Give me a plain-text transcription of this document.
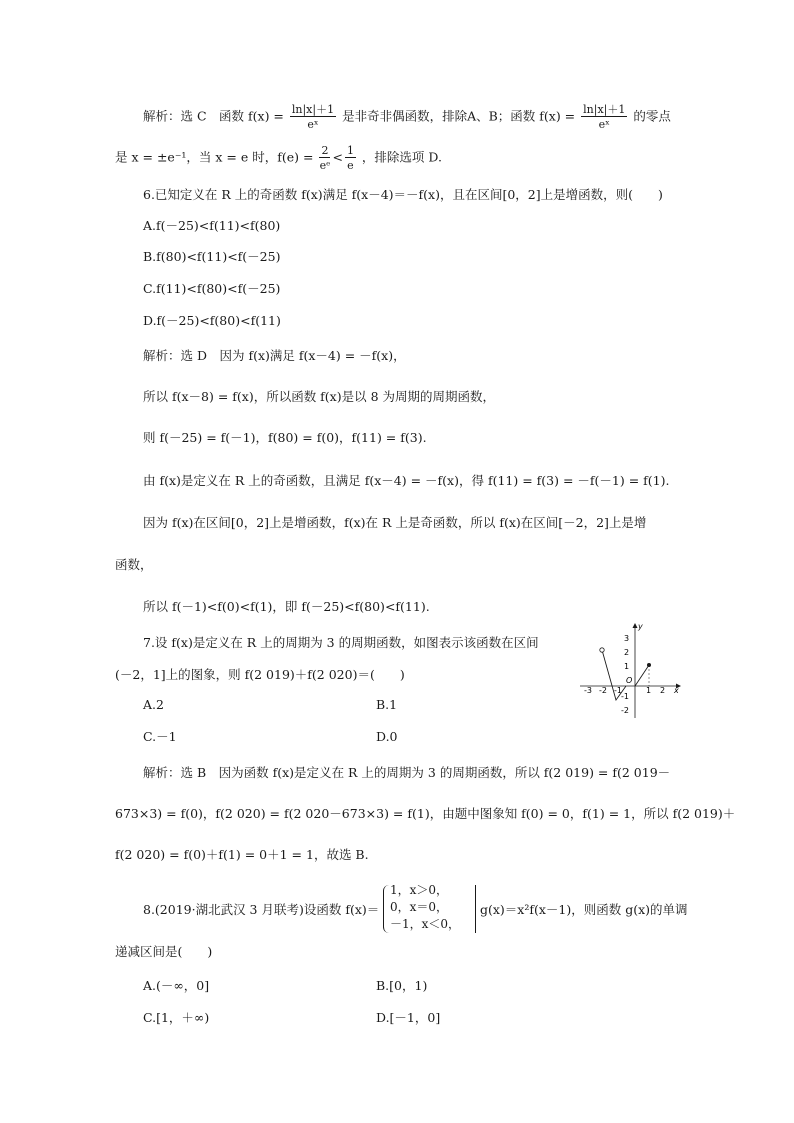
解析：选 C　函数 $f(x) = \frac{\ln|x|+1}{\text{eˣ}}$ 是非奇非偶函数，排除A、B；函数 $f(x) = \frac{\ln|x|+1}{\text{eˣ}}$ 的零点
是 x = ±e⁻¹，当 x = e 时，$f(e) = \frac{2}{\text{eᵉ}} < \frac{1}{e}$ ，排除选项 D.
6.已知定义在 R 上的奇函数 f(x)满足 f(x－4)＝－f(x)，且在区间[0，2]上是增函数，则(　　)
A.f(－25)<f(11)<f(80)
B.f(80)<f(11)<f(－25)
C.f(11)<f(80)<f(－25)
D.f(－25)<f(80)<f(11)
解析：选 D　因为 f(x)满足 f(x－4) = －f(x)，
所以 f(x－8) = f(x)，所以函数 f(x)是以 8 为周期的周期函数，
则 f(－25) = f(－1)，f(80) = f(0)，f(11) = f(3).
由 f(x)是定义在 R 上的奇函数，且满足 f(x－4) = －f(x)，得 f(11) = f(3) = －f(－1) = f(1).
因为 f(x)在区间[0，2]上是增函数，f(x)在 R 上是奇函数，所以 f(x)在区间[－2，2]上是增
函数，
所以 f(－1)<f(0)<f(1)，即 f(－25)<f(80)<f(11).
7.设 f(x)是定义在 R 上的周期为 3 的周期函数，如图表示该函数在区间
(－2，1]上的图象，则 f(2 019)＋f(2 020)＝(　　)
A.2	B.1
C.－1	D.0
y
x
3
2
1
-1
-2
-3 -2 -1	1 2
O
解析：选 B　因为函数 f(x)是定义在 R 上的周期为 3 的周期函数，所以 f(2 019) = f(2 019－
673×3) = f(0)，f(2 020) = f(2 020－673×3) = f(1)，由题中图象知 f(0) = 0，f(1) = 1，所以 f(2 019)＋
f(2 020) = f(0)＋f(1) = 0＋1 = 1，故选 B.
8.(2019·湖北武汉 3 月联考)设函数 f(x)＝
1，x＞0，
0，x＝0，
－1，x＜0，
g(x)＝x²f(x－1)，则函数 g(x)的单调
递减区间是(　　)
A.(－∞，0]	B.[0，1)
C.[1，＋∞)	D.[－1，0]
